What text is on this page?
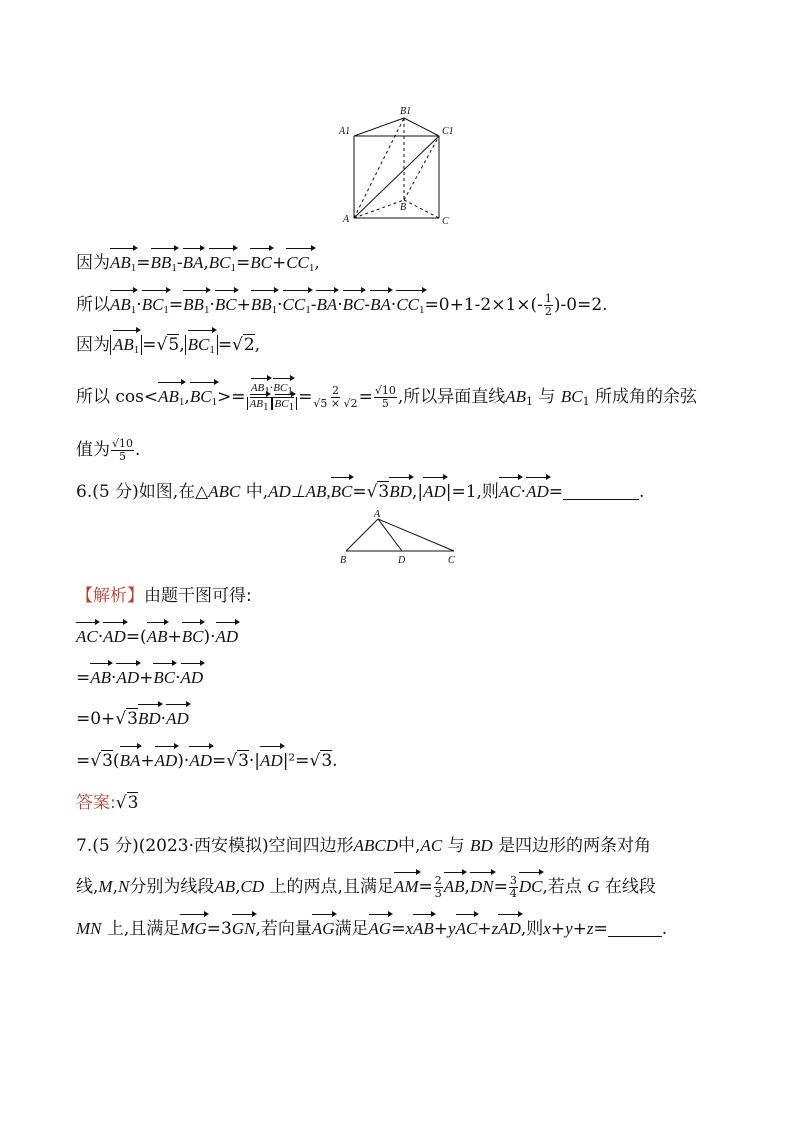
B1
A1	C1
A
B
C
因为$AB_1=BB_1-BA,BC_1=BC+CC_1$,
所以$AB_1\cdot BC_1=BB_1\cdot BC+BB_1\cdot CC_1-BA\cdot BC-BA\cdot CC_1=0+1-2\times 1\times(- \frac{1}{2} )-0=2$.
因为 $AB_1 =√5$, $BC_1 =√2$,
所以 $\cos<AB_1,BC_1>= \frac{AB_1\cdot BC_1}{AB_1 BC_1} = \frac{2}{√5 \times √2} = \frac{√10}{5}$ ,所以异面直线$AB_1$ 与 $BC_1$ 所成角的余弦
值为 $\frac{√10}{5}$ .
6.(5 分)如图,在△ABC 中,AD⊥AB,BC=√3BD,|AD|=1,则AC·AD=	.
A
B	D	C
【解析】由题干图可得:
AC·AD=(AB+BC)·AD
=AB·AD+BC·AD
=0+√3BD·AD
=√3(BA+AD)·AD=√3·|AD|²=√3.
答案:√3
7.(5 分)(2023·西安模拟)空间四边形ABCD中,AC 与 BD 是四边形的两条对角
线,M,N分别为线段AB,CD 上的两点,且满足$AM= \frac{2}{3} AB,DN= \frac{3}{4}$ DC,若点 G 在线段
MN 上,且满足MG=3GN,若向量AG满足AG=xAB+yAC+zAD,则x+y+z=	.
